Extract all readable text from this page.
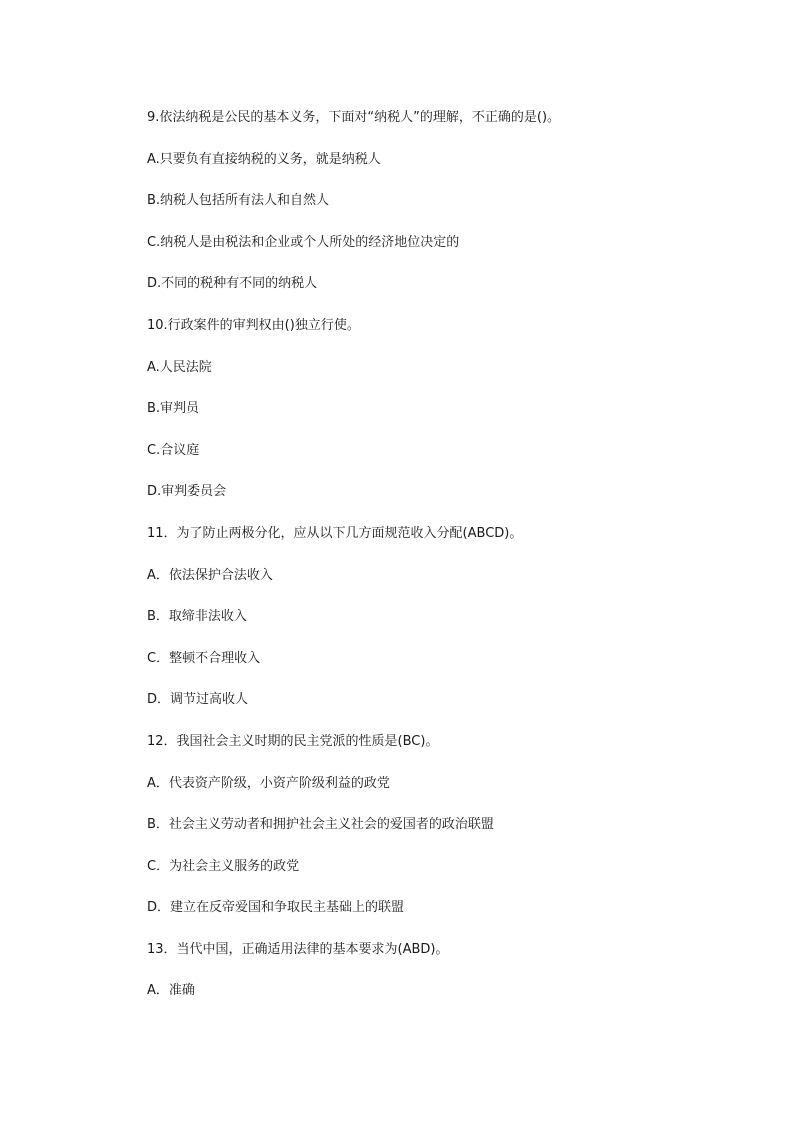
9.依法纳税是公民的基本义务，下面对“纳税人”的理解，不正确的是()。
A.只要负有直接纳税的义务，就是纳税人
B.纳税人包括所有法人和自然人
C.纳税人是由税法和企业或个人所处的经济地位决定的
D.不同的税种有不同的纳税人
10.行政案件的审判权由()独立行使。
A.人民法院
B.审判员
C.合议庭
D.审判委员会
11．为了防止两极分化，应从以下几方面规范收入分配(ABCD)。
A．依法保护合法收入
B．取缔非法收入
C．整顿不合理收入
D．调节过高收人
12．我国社会主义时期的民主党派的性质是(BC)。
A．代表资产阶级，小资产阶级利益的政党
B．社会主义劳动者和拥护社会主义社会的爱国者的政治联盟
C．为社会主义服务的政党
D．建立在反帝爱国和争取民主基础上的联盟
13．当代中国，正确适用法律的基本要求为(ABD)。
A．准确
